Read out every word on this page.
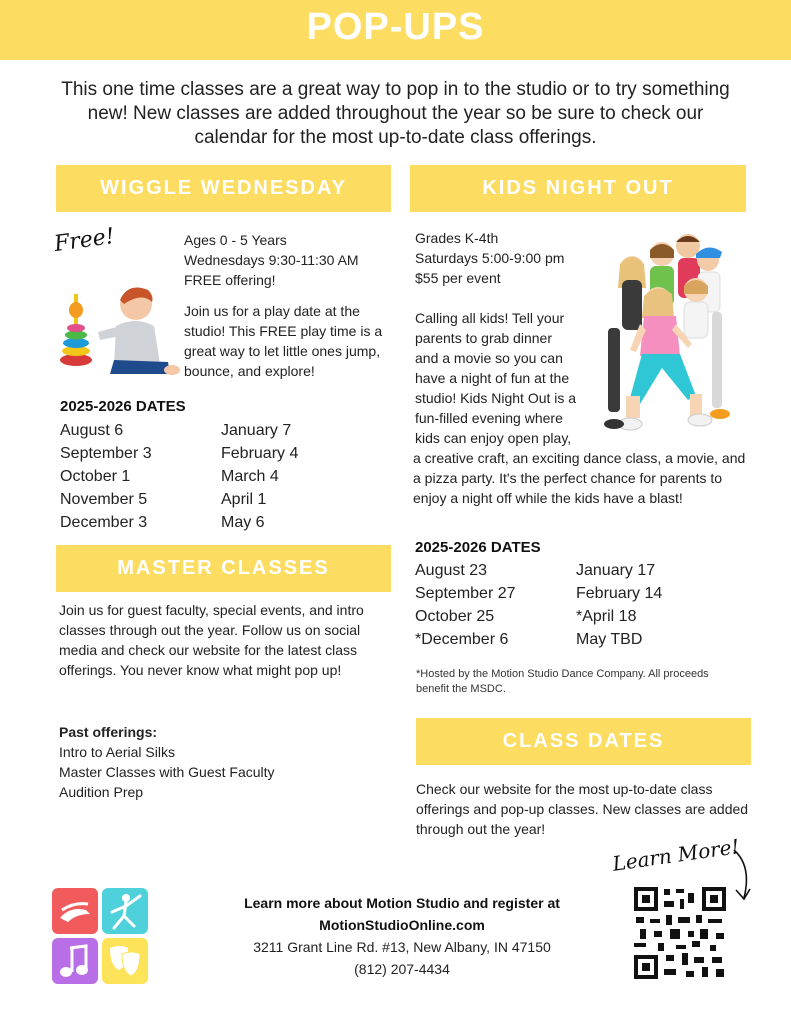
POP-UPS
This one time classes are a great way to pop in to the studio or to try something new! New classes are added throughout the year so be sure to check our calendar for the most up-to-date class offerings.
WIGGLE WEDNESDAY
Free!	Ages 0 - 5 Years
Wednesdays 9:30-11:30 AM
FREE offering!
Join us for a play date at the studio! This FREE play time is a great way to let little ones jump, bounce, and explore!
2025-2026 DATES
August 6
September 3
October 1
November 5
December 3
January 7
February 4
March 4
April 1
May 6
MASTER CLASSES
Join us for guest faculty, special events, and intro classes through out the year. Follow us on social media and check our website for the latest class offerings. You never know what might pop up!
Past offerings:
Intro to Aerial Silks
Master Classes with Guest Faculty
Audition Prep
KIDS NIGHT OUT
Grades K-4th
Saturdays 5:00-9:00 pm
$55 per event
Calling all kids! Tell your
parents to grab dinner
and a movie so you can
have a night of fun at the
studio! Kids Night Out is a
fun-filled evening where
kids can enjoy open play,
a creative craft, an exciting dance class, a movie, and a pizza party. It's the perfect chance for parents to enjoy a night off while the kids have a blast!
2025-2026 DATES
August 23
September 27
October 25
*December 6
January 17
February 14
*April 18
May TBD
*Hosted by the Motion Studio Dance Company. All proceeds benefit the MSDC.
CLASS DATES
Check our website for the most up-to-date class offerings and pop-up classes. New classes are added through out the year!
Learn More!
Learn more about Motion Studio and register at
MotionStudioOnline.com
3211 Grant Line Rd. #13, New Albany, IN 47150
(812) 207-4434
